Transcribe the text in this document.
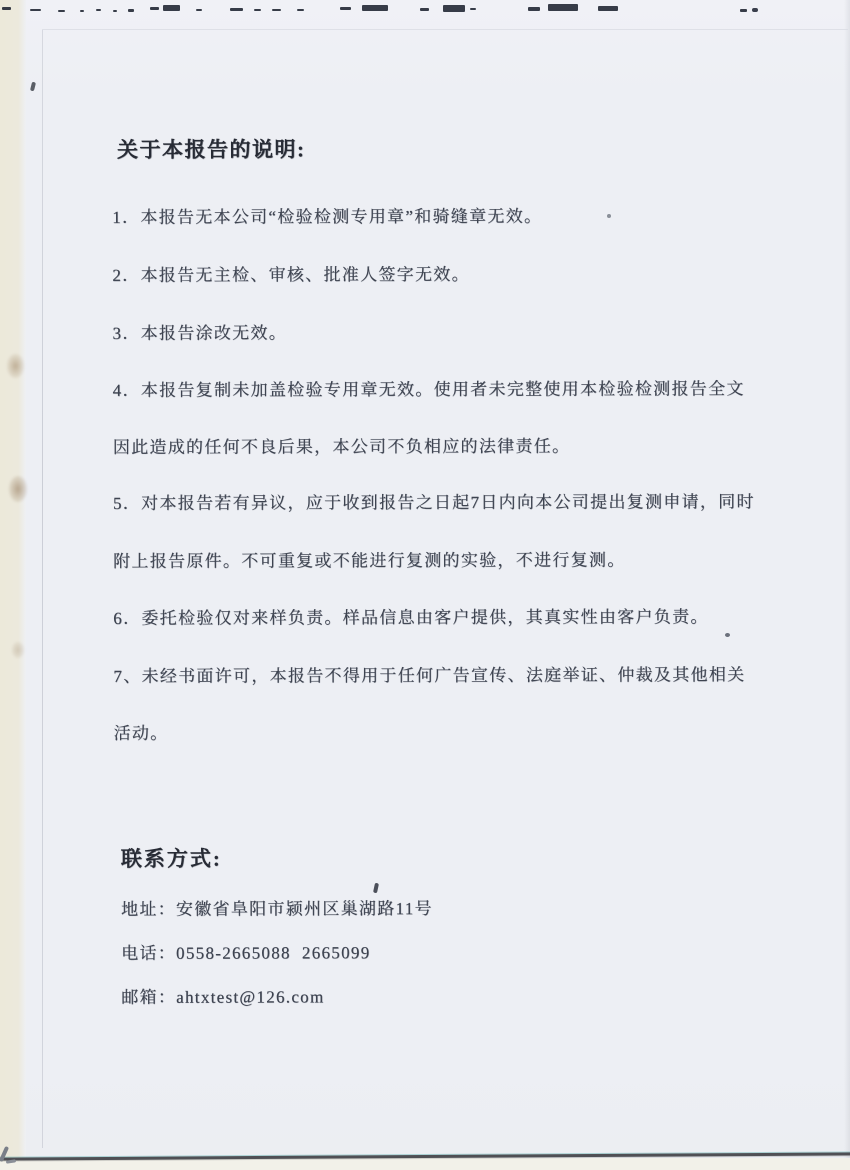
关于本报告的说明:
1．本报告无本公司“检验检测专用章”和骑缝章无效。
2．本报告无主检、审核、批准人签字无效。
3．本报告涂改无效。
4．本报告复制未加盖检验专用章无效。使用者未完整使用本检验检测报告全文
因此造成的任何不良后果，本公司不负相应的法律责任。
5．对本报告若有异议，应于收到报告之日起7日内向本公司提出复测申请，同时
附上报告原件。不可重复或不能进行复测的实验，不进行复测。
6．委托检验仅对来样负责。样品信息由客户提供，其真实性由客户负责。
7、未经书面许可，本报告不得用于任何广告宣传、法庭举证、仲裁及其他相关
活动。
联系方式:
地址：安徽省阜阳市颍州区巢湖路11号
电话：0558-2665088  2665099
邮箱：ahtxtest@126.com
